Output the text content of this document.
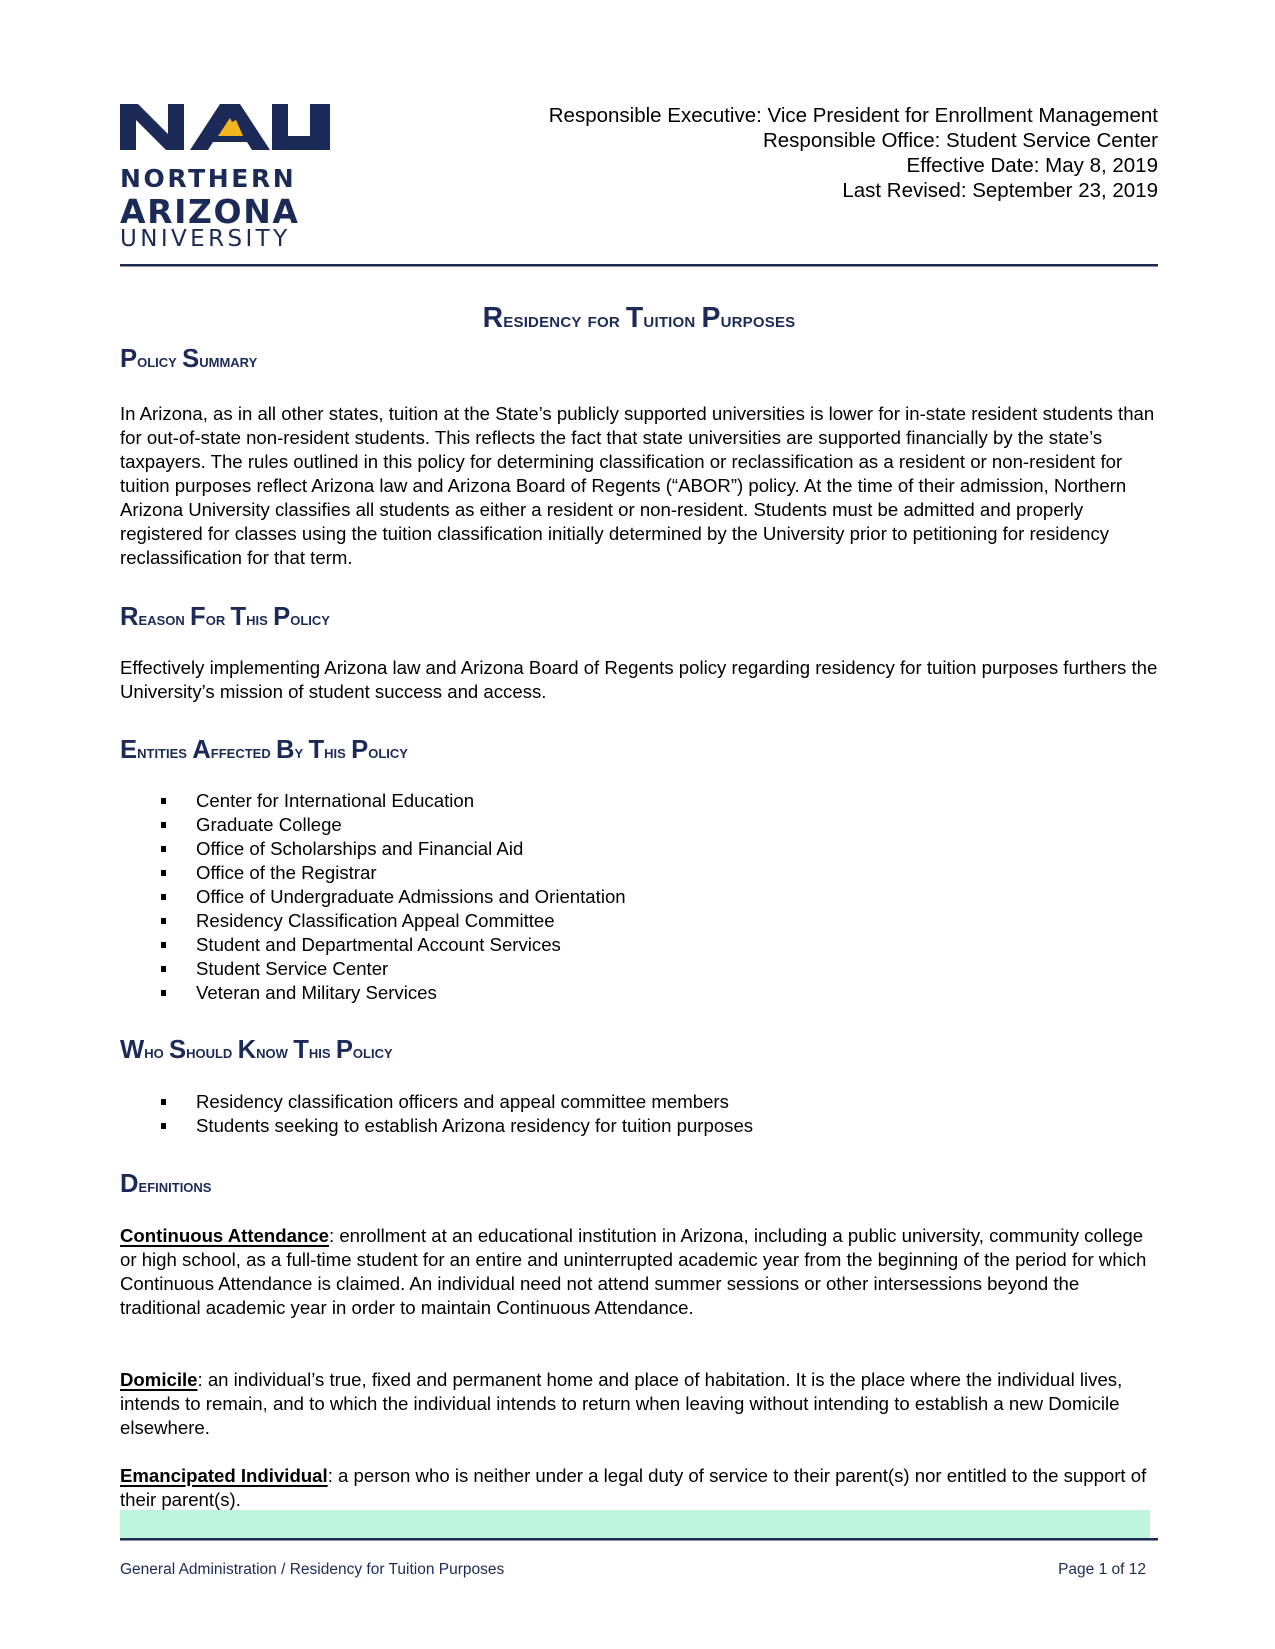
NORTHERN
ARIZONA
UNIVERSITY
Responsible Executive: Vice President for Enrollment Management
Responsible Office: Student Service Center
Effective Date: May 8, 2019
Last Revised: September 23, 2019
Residency for Tuition Purposes
Policy Summary

In Arizona, as in all other states, tuition at the State’s publicly supported universities is lower for in-state resident students than for out-of-state non-resident students. This reflects the fact that state universities are supported financially by the state’s taxpayers. The rules outlined in this policy for determining classification or reclassification as a resident or non-resident for tuition purposes reflect Arizona law and Arizona Board of Regents (“ABOR”) policy. At the time of their admission, Northern Arizona University classifies all students as either a resident or non-resident. Students must be admitted and properly registered for classes using the tuition classification initially determined by the University prior to petitioning for residency reclassification for that term.

Reason For This Policy

Effectively implementing Arizona law and Arizona Board of Regents policy regarding residency for tuition purposes furthers the University’s mission of student success and access.

Entities Affected By This Policy
Center for International Education
Graduate College
Office of Scholarships and Financial Aid
Office of the Registrar
Office of Undergraduate Admissions and Orientation
Residency Classification Appeal Committee
Student and Departmental Account Services
Student Service Center
Veteran and Military Services
Who Should Know This Policy
Residency classification officers and appeal committee members
Students seeking to establish Arizona residency for tuition purposes
Definitions

Continuous Attendance: enrollment at an educational institution in Arizona, including a public university, community college or high school, as a full-time student for an entire and uninterrupted academic year from the beginning of the period for which Continuous Attendance is claimed. An individual need not attend summer sessions or other intersessions beyond the traditional academic year in order to maintain Continuous Attendance.

Domicile: an individual’s true, fixed and permanent home and place of habitation. It is the place where the individual lives, intends to remain, and to which the individual intends to return when leaving without intending to establish a new Domicile elsewhere.

Emancipated Individual: a person who is neither under a legal duty of service to their parent(s) nor entitled to the support of their parent(s).

General Administration / Residency for Tuition Purposes	Page 1 of 12
